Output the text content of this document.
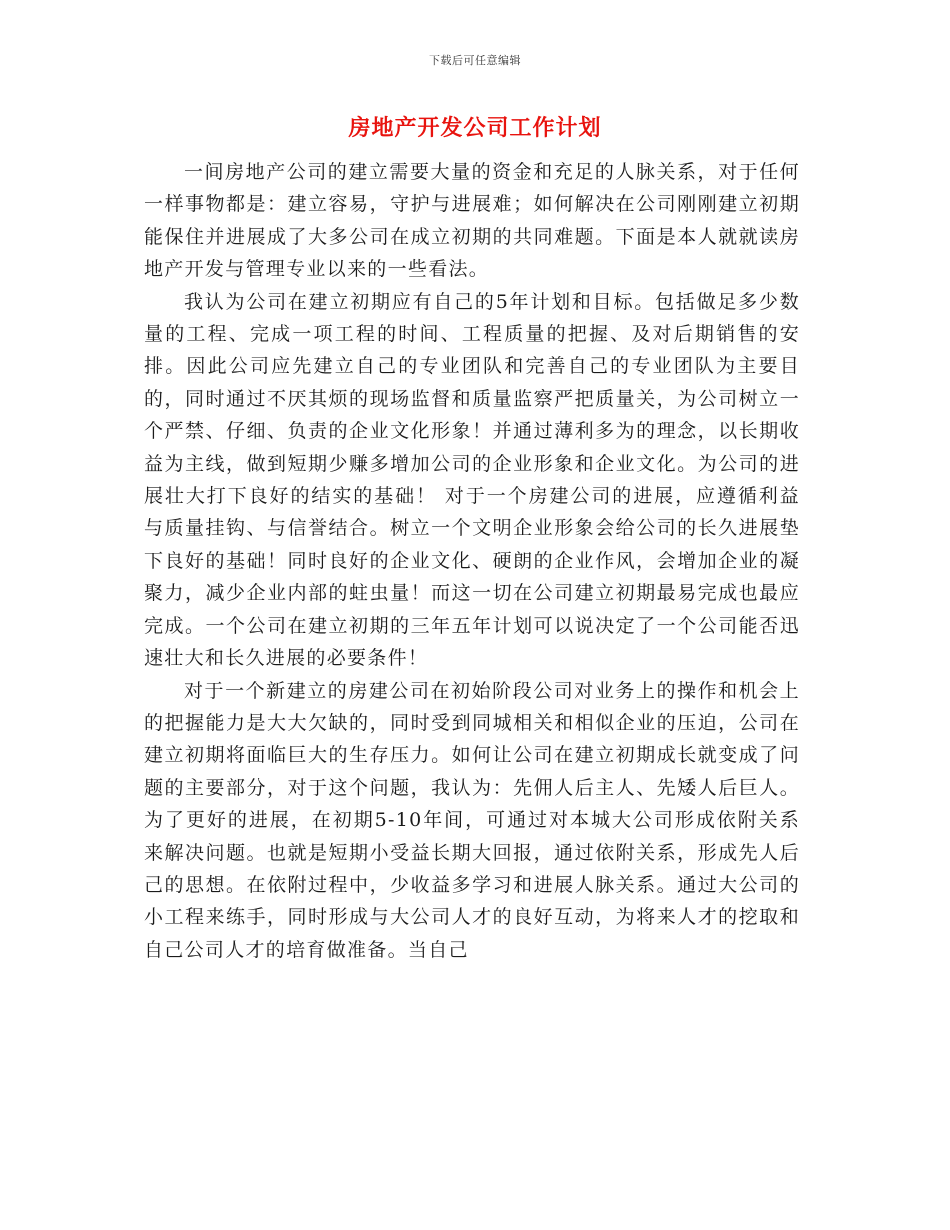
下载后可任意编辑
房地产开发公司工作计划

一间房地产公司的建立需要大量的资金和充足的人脉关系，对于任何一样事物都是：建立容易，守护与进展难；如何解决在公司刚刚建立初期能保住并进展成了大多公司在成立初期的共同难题。下面是本人就就读房地产开发与管理专业以来的一些看法。

我认为公司在建立初期应有自己的5年计划和目标。包括做足多少数量的工程、完成一项工程的时间、工程质量的把握、及对后期销售的安排。因此公司应先建立自己的专业团队和完善自己的专业团队为主要目的，同时通过不厌其烦的现场监督和质量监察严把质量关，为公司树立一个严禁、仔细、负责的企业文化形象！并通过薄利多为的理念，以长期收益为主线，做到短期少赚多增加公司的企业形象和企业文化。为公司的进展壮大打下良好的结实的基础！ 对于一个房建公司的进展，应遵循利益与质量挂钩、与信誉结合。树立一个文明企业形象会给公司的长久进展垫下良好的基础！同时良好的企业文化、硬朗的企业作风，会增加企业的凝聚力，减少企业内部的蛀虫量！而这一切在公司建立初期最易完成也最应完成。一个公司在建立初期的三年五年计划可以说决定了一个公司能否迅速壮大和长久进展的必要条件！

对于一个新建立的房建公司在初始阶段公司对业务上的操作和机会上的把握能力是大大欠缺的，同时受到同城相关和相似企业的压迫，公司在建立初期将面临巨大的生存压力。如何让公司在建立初期成长就变成了问题的主要部分，对于这个问题，我认为：先佣人后主人、先矮人后巨人。为了更好的进展，在初期5-10年间，可通过对本城大公司形成依附关系来解决问题。也就是短期小受益长期大回报，通过依附关系，形成先人后己的思想。在依附过程中，少收益多学习和进展人脉关系。通过大公司的小工程来练手，同时形成与大公司人才的良好互动，为将来人才的挖取和自己公司人才的培育做准备。当自己
